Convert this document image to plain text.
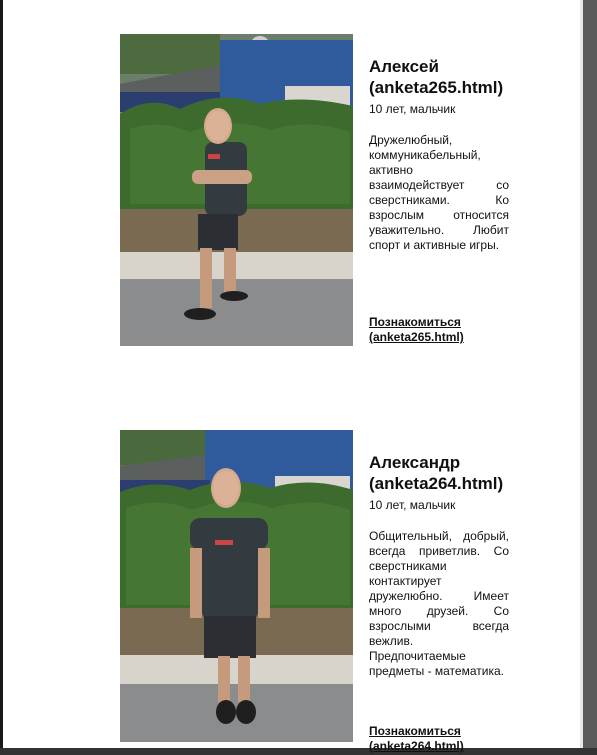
Алексей
(anketa265.html)
10 лет, мальчик
Дружелюбный, коммуникабельный, активно взаимодействует со сверстниками. Ко взрослым относится уважительно. Любит спорт и активные игры.
Познакомиться
(anketa265.html)
Александр
(anketa264.html)
10 лет, мальчик
Общительный, добрый, всегда приветлив. Со сверстниками контактирует дружелюбно. Имеет много друзей. Со взрослыми всегда вежлив. Предпочитаемые предметы - математика.
Познакомиться
(anketa264.html)
